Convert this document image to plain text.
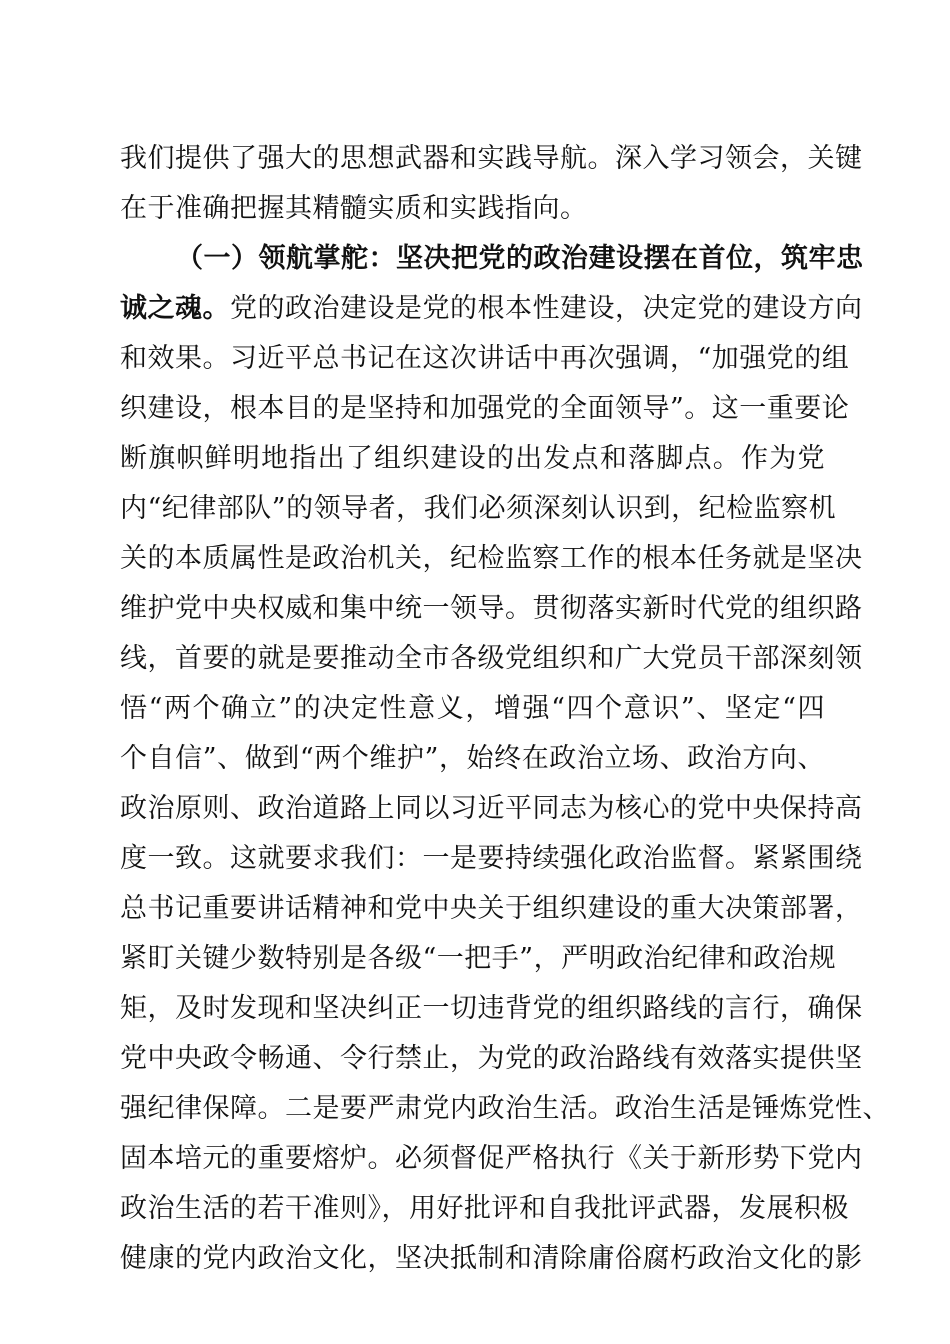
我们提供了强大的思想武器和实践导航。深入学习领会，关键
在于准确把握其精髓实质和实践指向。
（一）领航掌舵：坚决把党的政治建设摆在首位，筑牢忠
诚之魂。党的政治建设是党的根本性建设，决定党的建设方向
和效果。习近平总书记在这次讲话中再次强调，“加强党的组
织建设，根本目的是坚持和加强党的全面领导”。这一重要论
断旗帜鲜明地指出了组织建设的出发点和落脚点。作为党
内“纪律部队”的领导者，我们必须深刻认识到，纪检监察机
关的本质属性是政治机关，纪检监察工作的根本任务就是坚决
维护党中央权威和集中统一领导。贯彻落实新时代党的组织路
线，首要的就是要推动全市各级党组织和广大党员干部深刻领
悟“两个确立”的决定性意义，增强“四个意识”、坚定“四
个自信”、做到“两个维护”，始终在政治立场、政治方向、
政治原则、政治道路上同以习近平同志为核心的党中央保持高
度一致。这就要求我们：一是要持续强化政治监督。紧紧围绕
总书记重要讲话精神和党中央关于组织建设的重大决策部署，
紧盯关键少数特别是各级“一把手”，严明政治纪律和政治规
矩，及时发现和坚决纠正一切违背党的组织路线的言行，确保
党中央政令畅通、令行禁止，为党的政治路线有效落实提供坚
强纪律保障。二是要严肃党内政治生活。政治生活是锤炼党性、
固本培元的重要熔炉。必须督促严格执行《关于新形势下党内
政治生活的若干准则》，用好批评和自我批评武器，发展积极
健康的党内政治文化，坚决抵制和清除庸俗腐朽政治文化的影
